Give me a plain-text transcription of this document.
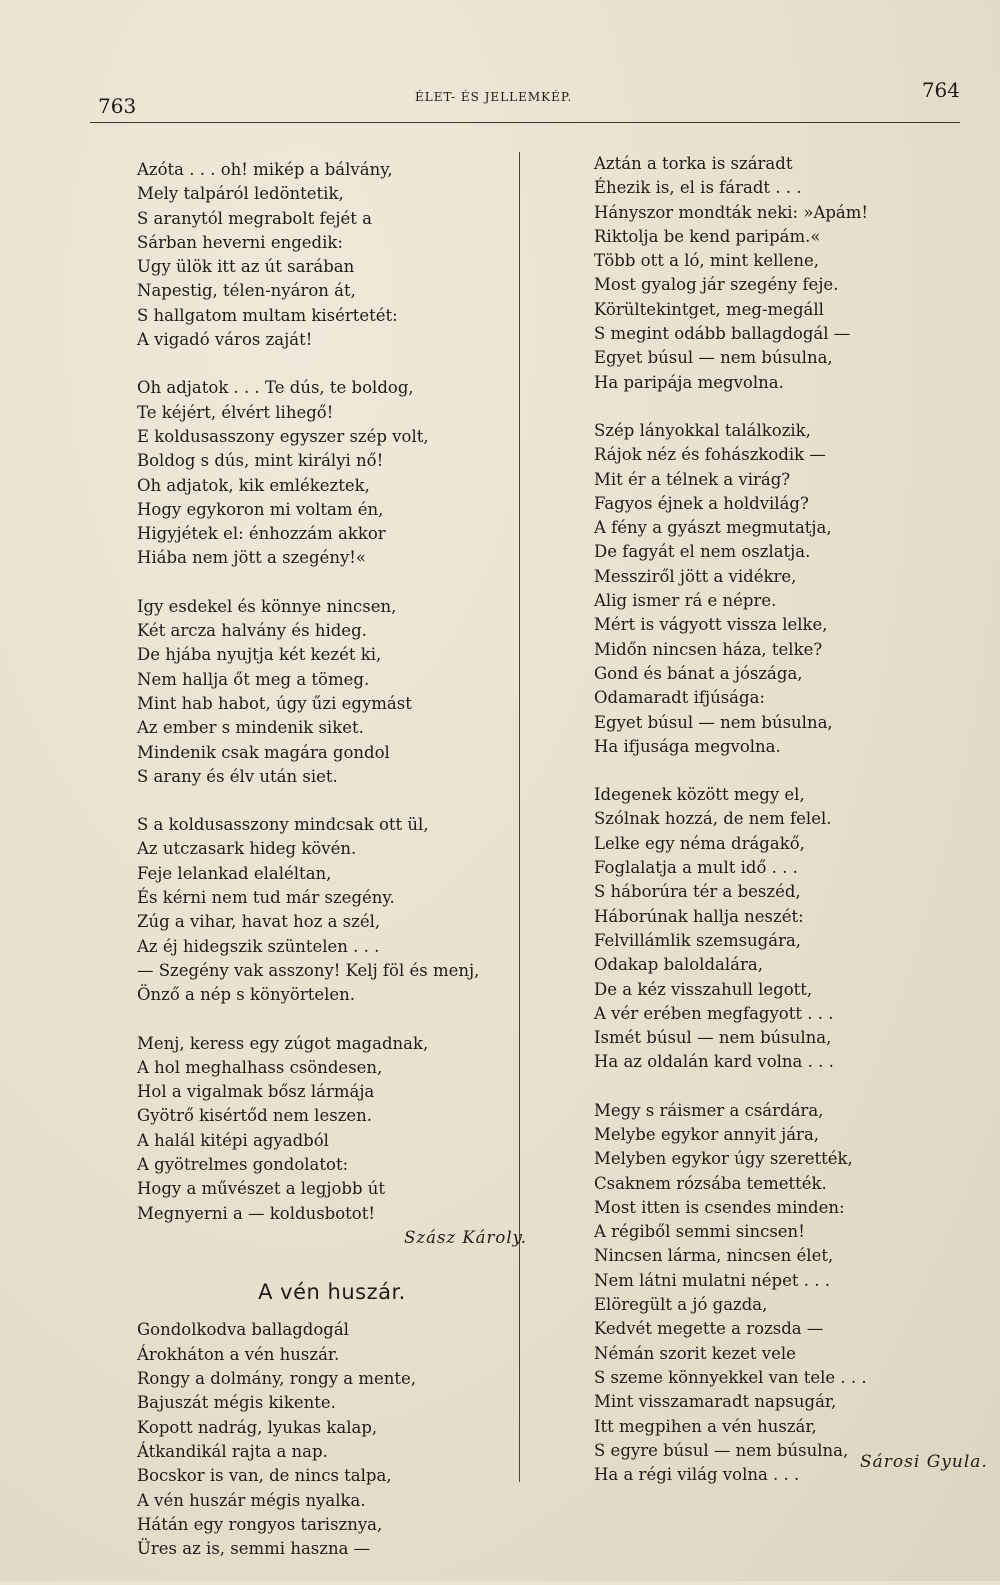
763	ÉLET- ÉS JELLEMKÉP.	764
Azóta . . . oh! mikép a bálvány,
Mely talpáról ledöntetik,
S aranytól megrabolt fejét a
Sárban heverni engedik:
Ugy ülök itt az út sarában
Napestig, télen-nyáron át,
S hallgatom multam kisértetét:
A vigadó város zaját!
Oh adjatok . . . Te dús, te boldog,
Te kéjért, élvért lihegő!
E koldusasszony egyszer szép volt,
Boldog s dús, mint királyi nő!
Oh adjatok, kik emlékeztek,
Hogy egykoron mi voltam én,
Higyjétek el: énhozzám akkor
Hiába nem jött a szegény!«
Igy esdekel és könnye nincsen,
Két arcza halvány és hideg.
De hjába nyujtja két kezét ki,
Nem hallja őt meg a tömeg.
Mint hab habot, úgy űzi egymást
Az ember s mindenik siket.
Mindenik csak magára gondol
S arany és élv után siet.
S a koldusasszony mindcsak ott ül,
Az utczasark hideg kövén.
Feje lelankad elaléltan,
És kérni nem tud már szegény.
Zúg a vihar, havat hoz a szél,
Az éj hidegszik szüntelen . . .
— Szegény vak asszony! Kelj föl és menj,
Önző a nép s könyörtelen.
Menj, keress egy zúgot magadnak,
A hol meghalhass csöndesen,
Hol a vigalmak bősz lármája
Gyötrő kisértőd nem leszen.
A halál kitépi agyadból
A gyötrelmes gondolatot:
Hogy a művészet a legjobb út
Megnyerni a — koldusbotot!
Szász Károly.
A vén huszár.
Gondolkodva ballagdogál
Árokháton a vén huszár.
Rongy a dolmány, rongy a mente,
Bajuszát mégis kikente.
Kopott nadrág, lyukas kalap,
Átkandikál rajta a nap.
Bocskor is van, de nincs talpa,
A vén huszár mégis nyalka.
Hátán egy rongyos tarisznya,
Üres az is, semmi haszna —
Aztán a torka is száradt
Éhezik is, el is fáradt . . .
Hányszor mondták neki: »Apám!
Riktolja be kend paripám.«
Több ott a ló, mint kellene,
Most gyalog jár szegény feje.
Körültekintget, meg-megáll
S megint odább ballagdogál —
Egyet búsul — nem búsulna,
Ha paripája megvolna.
Szép lányokkal találkozik,
Rájok néz és fohászkodik —
Mit ér a télnek a virág?
Fagyos éjnek a holdvilág?
A fény a gyászt megmutatja,
De fagyát el nem oszlatja.
Messziről jött a vidékre,
Alig ismer rá e népre.
Mért is vágyott vissza lelke,
Midőn nincsen háza, telke?
Gond és bánat a jószága,
Odamaradt ifjúsága:
Egyet búsul — nem búsulna,
Ha ifjusága megvolna.
Idegenek között megy el,
Szólnak hozzá, de nem felel.
Lelke egy néma drágakő,
Foglalatja a mult idő . . .
S háborúra tér a beszéd,
Háborúnak hallja neszét:
Felvillámlik szemsugára,
Odakap baloldalára,
De a kéz visszahull legott,
A vér erében megfagyott . . .
Ismét búsul — nem búsulna,
Ha az oldalán kard volna . . .
Megy s ráismer a csárdára,
Melybe egykor annyit jára,
Melyben egykor úgy szerették,
Csaknem rózsába temették.
Most itten is csendes minden:
A régiből semmi sincsen!
Nincsen lárma, nincsen élet,
Nem látni mulatni népet . . .
Elöregült a jó gazda,
Kedvét megette a rozsda —
Némán szorit kezet vele
S szeme könnyekkel van tele . . .
Mint visszamaradt napsugár,
Itt megpihen a vén huszár,
S egyre búsul — nem búsulna,
Ha a régi világ volna . . .
Sárosi Gyula.
